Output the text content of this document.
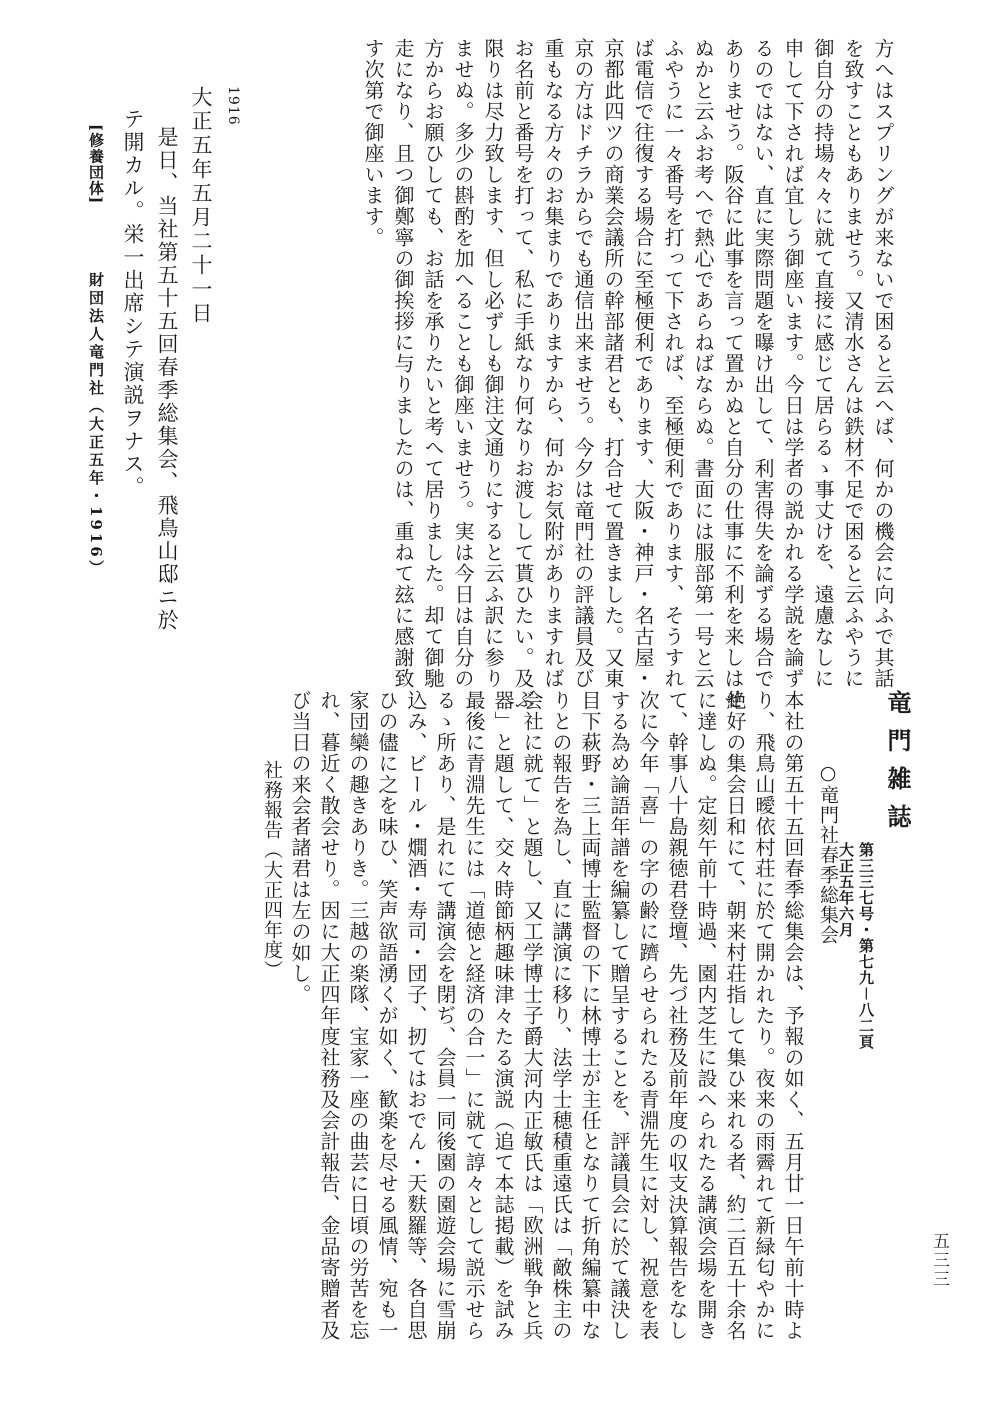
方へはスプリングが来ないで困ると云へば、何かの機会に向ふで其話
を致すこともありませう。又清水さんは鉄材不足で困ると云ふやうに
御自分の持場々々に就て直接に感じて居らるゝ事丈けを、遠慮なしに
申して下されば宜しう御座います。今日は学者の説かれる学説を論ず
るのではない、直に実際問題を曝け出して、利害得失を論ずる場合で
ありませう。阪谷に此事を言って置かぬと自分の仕事に不利を来しはせ
ぬかと云ふお考へで熱心であらねばならぬ。書面には服部第一号と云
ふやうに一々番号を打って下されば、至極便利であります、そうすれ
ば電信で往復する場合に至極便利であります、大阪・神戸・名古屋・
京都此四ツの商業会議所の幹部諸君とも、打合せて置きました。又東
京の方はドチラからでも通信出来ませう。今夕は竜門社の評議員及び
重もなる方々のお集まりでありますから、何かお気附がありますれば
お名前と番号を打って、私に手紙なり何なりお渡しして貰ひたい。及ぶ
限りは尽力致します、但し必ずしも御注文通りにすると云ふ訳に参り
ませぬ。多少の斟酌を加へることも御座いませう。実は今日は自分の
方からお願ひしても、お話を承りたいと考へて居りました。却て御馳
走になり、且つ御鄭寧の御挨拶に与りましたのは、重ねて玆に感謝致
す次第で御座います。
1916
大正五年五月二十一日
是日、当社第五十五回春季総集会、飛鳥山邸ニ於
テ開カル。栄一出席シテ演説ヲナス。
[修養団体]
財団法人竜門社（大正五年・1916）
竜門雑誌
第三三七号・第七九－八二頁
大正五年六月
○竜門社春季総集会
本社の第五十五回春季総集会は、予報の如く、五月廿一日午前十時よ
り、飛鳥山曖依村荘に於て開かれたり。夜来の雨霽れて新緑匂やかに
絶好の集会日和にて、朝来村荘指して集ひ来れる者、約二百五十余名
に達しぬ。定刻午前十時過、園内芝生に設へられたる講演会場を開き
て、幹事八十島親徳君登壇、先づ社務及前年度の収支決算報告をなし
次に今年「喜」の字の齢に躋らせられたる青淵先生に対し、祝意を表
する為め論語年譜を編纂して贈呈することを、評議員会に於て議決し
目下萩野・三上両博士監督の下に林博士が主任となりて折角編纂中な
りとの報告を為し、直に講演に移り、法学士穂積重遠氏は「敵株主の
会社に就て」と題し、又工学博士子爵大河内正敏氏は「欧洲戦争と兵
器」と題して、交々時節柄趣味津々たる演説（追て本誌掲載）を試み
最後に青淵先生には「道徳と経済の合一」に就て諄々として説示せら
るゝ所あり、是れにて講演会を閉ぢ、会員一同後園の園遊会場に雪崩
込み、ビール・燗酒・寿司・団子、扨てはおでん・天麩羅等、各自思
ひの儘に之を味ひ、笑声欲語湧くが如く、歓楽を尽せる風情、宛も一
家団欒の趣きありき。三越の楽隊、宝家一座の曲芸に日頃の労苦を忘
れ、暮近く散会せり。因に大正四年度社務及会計報告、金品寄贈者及
び当日の来会者諸君は左の如し。
社務報告（大正四年度）
五三三
